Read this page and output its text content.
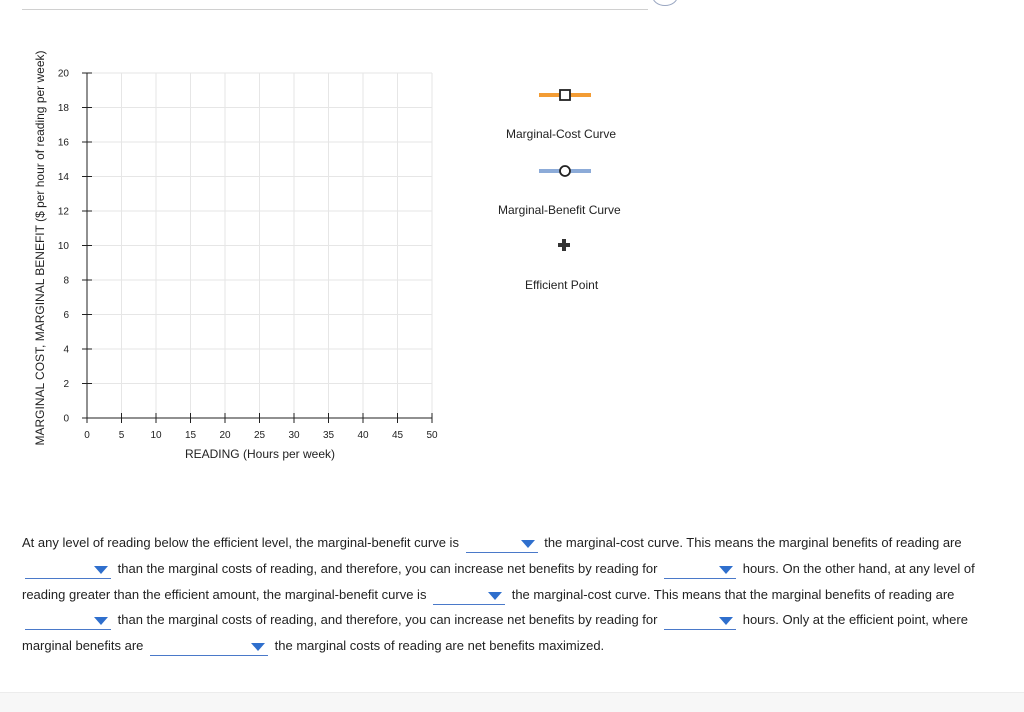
0	5	10 15 20 25 30 35 40 45 50
0
2
4
6
8
10
12
14
16
18
20
READING (Hours per week)
MARGINAL COST, MARGINAL BENEFIT ($ per hour of reading per week)	Marginal-Cost Curve
Marginal-Benefit Curve
Efficient Point
At any level of reading below the efficient level, the marginal-benefit curve is	the marginal-cost curve. This means the marginal benefits of reading are
than the marginal costs of reading, and therefore, you can increase net benefits by reading for	hours. On the other hand, at any level of reading greater than the efficient amount, the marginal-benefit curve is	the marginal-cost curve. This means that the marginal benefits of reading are
than the marginal costs of reading, and therefore, you can increase net benefits by reading for	hours. Only at the efficient point, where marginal benefits are	the marginal costs of reading are net benefits maximized.
